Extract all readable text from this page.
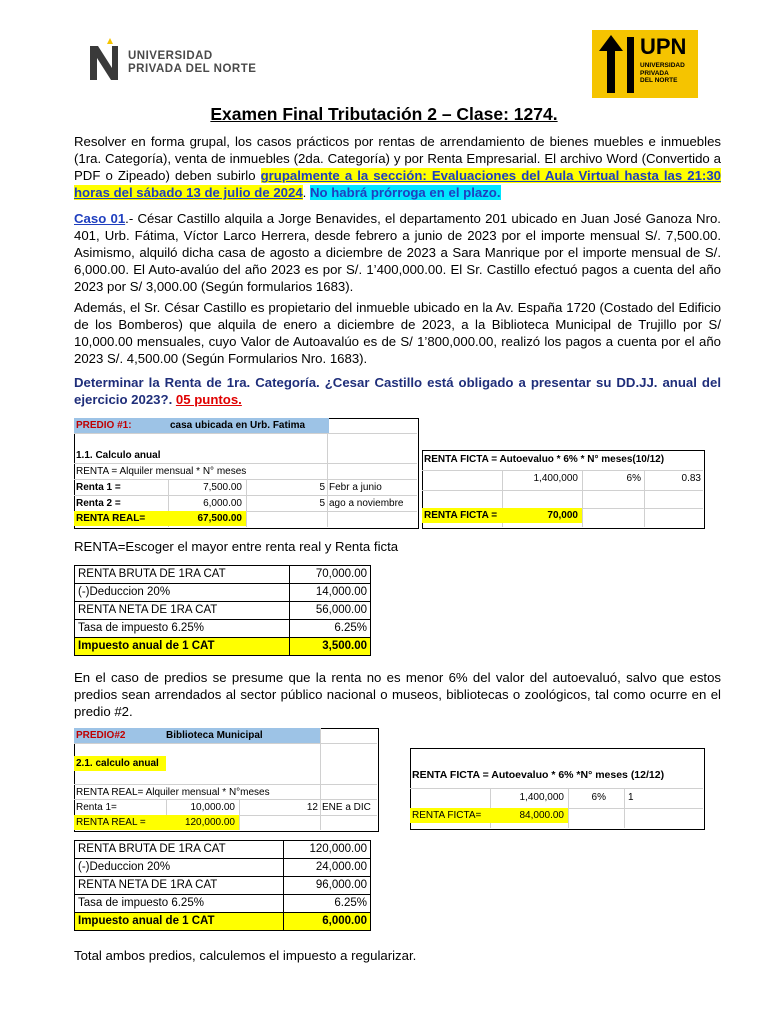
UNIVERSIDAD
PRIVADA DEL NORTE
UPN
UNIVERSIDAD
PRIVADA
DEL NORTE
Examen Final Tributación 2 – Clase: 1274.
Resolver en forma grupal, los casos prácticos por rentas de arrendamiento de bienes muebles e inmuebles (1ra. Categoría), venta de inmuebles (2da. Categoría) y por Renta Empresarial. El archivo Word (Convertido a PDF o Zipeado) deben subirlo grupalmente a la sección: Evaluaciones del Aula Virtual hasta las 21:30 horas del sábado 13 de julio de 2024. No habrá prórroga en el plazo.
Caso 01.- César Castillo alquila a Jorge Benavides, el departamento 201 ubicado en Juan José Ganoza Nro. 401, Urb. Fátima, Víctor Larco Herrera, desde febrero a junio de 2023 por el importe mensual S/. 7,500.00. Asimismo, alquiló dicha casa de agosto a diciembre de 2023 a Sara Manrique por el importe mensual de S/. 6,000.00. El Auto-avalúo del año 2023 es por S/. 1’400,000.00. El Sr. Castillo efectuó pagos a cuenta del año 2023 por S/ 3,000.00 (Según formularios 1683).
Además, el Sr. César Castillo es propietario del inmueble ubicado en la Av. España 1720 (Costado del Edificio de los Bomberos) que alquila de enero a diciembre de 2023, a la Biblioteca Municipal de Trujillo por S/ 10,000.00 mensuales, cuyo Valor de Autoavalúo es de S/ 1’800,000.00, realizó los pagos a cuenta por el año 2023 S/. 4,500.00 (Según Formularios Nro. 1683).
Determinar la Renta de 1ra. Categoría. ¿Cesar Castillo está obligado a presentar su DD.JJ. anual del ejercicio 2023?. 05 puntos.
PREDIO #1:	casa ubicada en Urb. Fatima
1.1. Calculo anual
RENTA = Alquiler mensual * N° meses
Renta 1 =	7,500.00	5 Febr a junio
Renta 2 =	6,000.00	5 ago a noviembre
RENTA REAL=	67,500.00
RENTA FICTA = Autoevaluo * 6% * N° meses(10/12)
1,400,000	6%	0.83
RENTA FICTA =	70,000
RENTA=Escoger el mayor entre renta real y Renta ficta
RENTA BRUTA DE 1RA CAT	70,000.00
(-)Deduccion 20%	14,000.00
RENTA NETA DE 1RA CAT	56,000.00
Tasa de impuesto 6.25%	6.25%
Impuesto anual de 1 CAT	3,500.00
En el caso de predios se presume que la renta no es menor 6% del valor del autoevaluó, salvo que estos predios sean arrendados al sector público nacional o museos, bibliotecas o zoológicos, tal como ocurre en el predio #2.
PREDIO#2	Biblioteca Municipal
2.1. calculo anual
RENTA REAL= Alquiler mensual * N°meses
Renta 1=	10,000.00	12 ENE a DIC
RENTA REAL =	120,000.00
RENTA FICTA = Autoevaluo * 6% *N° meses (12/12)
1,400,000	6% 1
RENTA FICTA=	84,000.00
RENTA BRUTA DE 1RA CAT	120,000.00
(-)Deduccion 20%	24,000.00
RENTA NETA DE 1RA CAT	96,000.00
Tasa de impuesto 6.25%	6.25%
Impuesto anual de 1 CAT	6,000.00
Total ambos predios, calculemos el impuesto a regularizar.
